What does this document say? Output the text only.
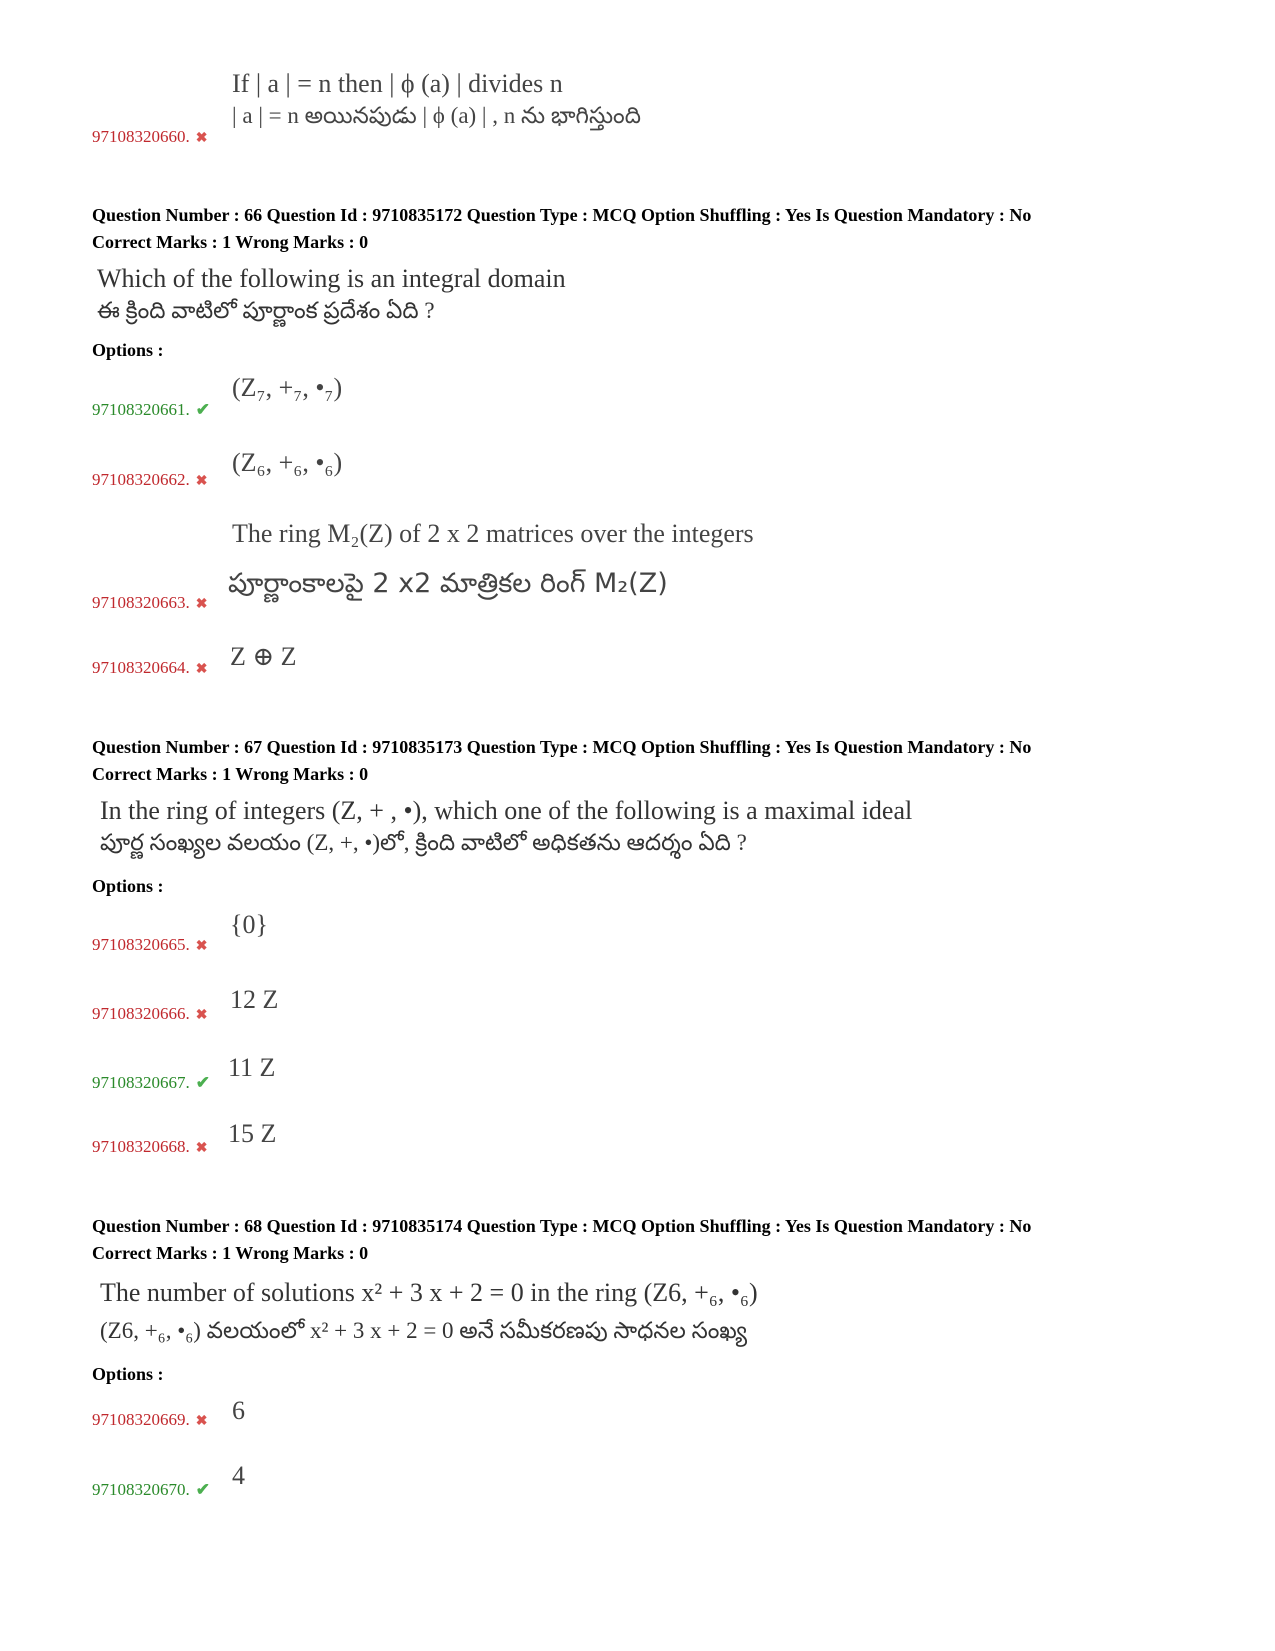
If | a | = n then | ϕ (a) | divides n
| a | = n అయినపుడు | ϕ (a) | , n ను భాగిస్తుంది
97108320660. ✖
Question Number : 66 Question Id : 9710835172 Question Type : MCQ Option Shuffling : Yes Is Question Mandatory : No
Correct Marks : 1 Wrong Marks : 0
Which of the following is an integral domain
ఈ క్రింది వాటిలో పూర్ణాంక ప్రదేశం ఏది ?
Options :
(Z₇, +₇, •₇)
97108320661. ✔
(Z₆, +₆, •₆)
97108320662. ✖
The ring M₂(Z) of 2 x 2 matrices over the integers
పూర్ణాంకాలపై 2 x2 మాత్రికల రింగ్ M₂(Z)
97108320663. ✖
Z ⊕ Z
97108320664. ✖
Question Number : 67 Question Id : 9710835173 Question Type : MCQ Option Shuffling : Yes Is Question Mandatory : No
Correct Marks : 1 Wrong Marks : 0
In the ring of integers (Z, + , •), which one of the following is a maximal ideal
పూర్ణ సంఖ్యల వలయం (Z, +, •)లో, క్రింది వాటిలో అధికతను ఆదర్శం ఏది ?
Options :
{0}
97108320665. ✖
12 Z
97108320666. ✖
11 Z
97108320667. ✔
15 Z
97108320668. ✖
Question Number : 68 Question Id : 9710835174 Question Type : MCQ Option Shuffling : Yes Is Question Mandatory : No
Correct Marks : 1 Wrong Marks : 0
The number of solutions x² + 3 x + 2 = 0 in the ring (Z6, +₆, •₆)
(Z6, +₆, •₆) వలయంలో x² + 3 x + 2 = 0 అనే సమీకరణపు సాధనల సంఖ్య
Options :
6
97108320669. ✖
4
97108320670. ✔
